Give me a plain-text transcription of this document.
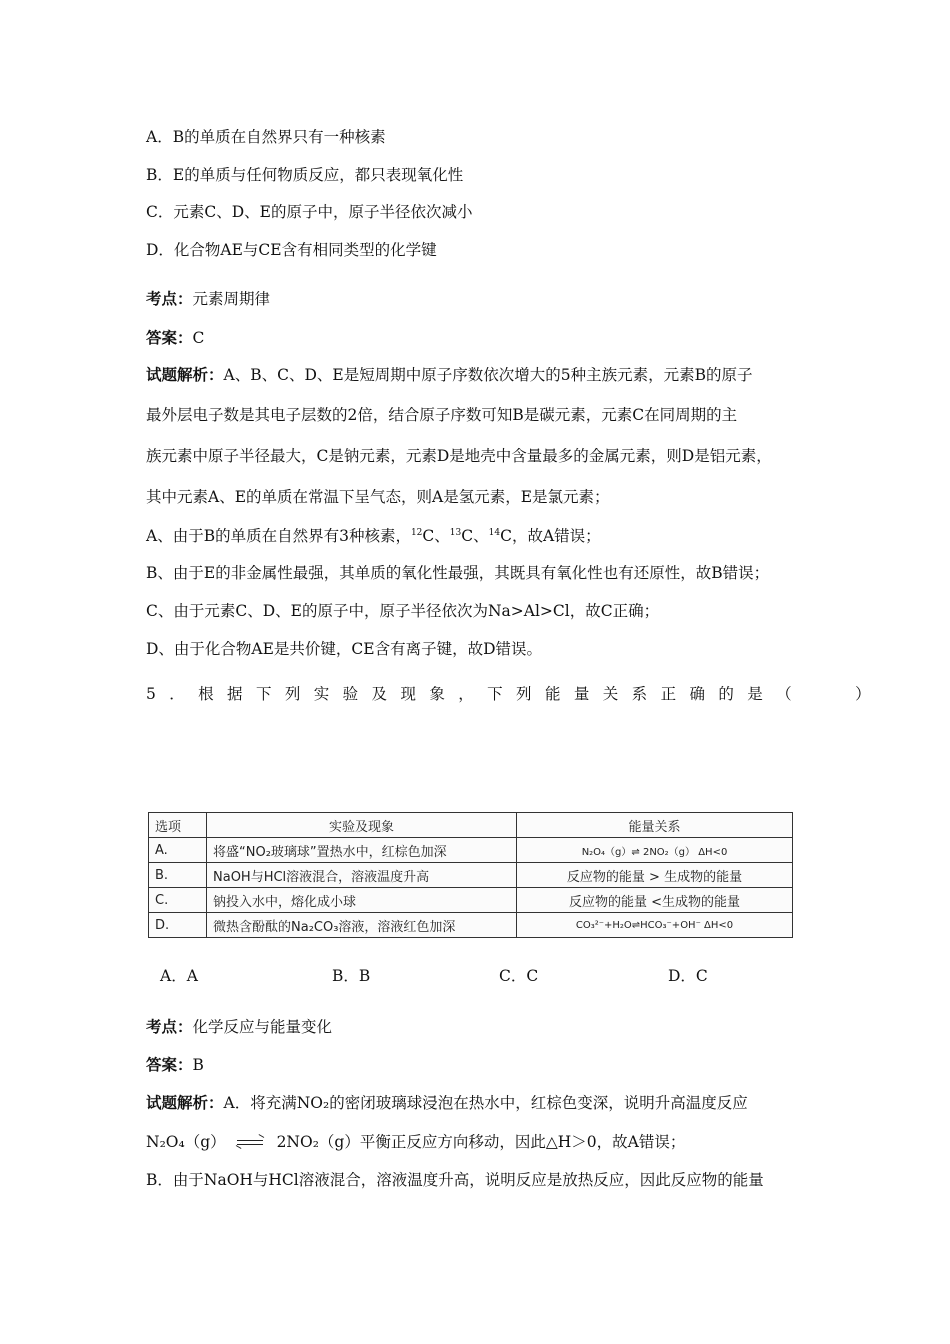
A．B的单质在自然界只有一种核素
B．E的单质与任何物质反应，都只表现氧化性
C．元素C、D、E的原子中，原子半径依次减小
D．化合物AE与CE含有相同类型的化学键
考点：元素周期律
答案：C
试题解析：A、B、C、D、E是短周期中原子序数依次增大的5种主族元素，元素B的原子
最外层电子数是其电子层数的2倍，结合原子序数可知B是碳元素，元素C在同周期的主
族元素中原子半径最大，C是钠元素，元素D是地壳中含量最多的金属元素，则D是铝元素，
其中元素A、E的单质在常温下呈气态，则A是氢元素，E是氯元素；
A、由于B的单质在自然界有3种核素，$^{12}$C、$^{13}$C、$^{14}$C，故A错误；
B、由于E的非金属性最强，其单质的氧化性最强，其既具有氧化性也有还原性，故B错误；
C、由于元素C、D、E的原子中，原子半径依次为Na>Al>Cl，故C正确；
D、由于化合物AE是共价键，CE含有离子键，故D错误。
5．根据下列实验及现象，下列能量关系正确的是（	）
选项	实验及现象	能量关系
A.	将盛“NO₂玻璃球”置热水中，红棕色加深	N₂O₄（g）⇌ 2NO₂（g） ΔH<0
B.	NaOH与HCl溶液混合，溶液温度升高	反应物的能量 > 生成物的能量
C.	钠投入水中，熔化成小球	反应物的能量 <生成物的能量
D.	微热含酚酞的Na₂CO₃溶液，溶液红色加深	CO₃²⁻+H₂O⇌HCO₃⁻+OH⁻ ΔH<0
A．A	B．B	C．C	D．C
考点：化学反应与能量变化
答案：B
试题解析：A．将充满NO₂的密闭玻璃球浸泡在热水中，红棕色变深，说明升高温度反应
N₂O₄（g）	2NO₂（g）平衡正反应方向移动，因此△H＞0，故A错误；
B．由于NaOH与HCl溶液混合，溶液温度升高，说明反应是放热反应，因此反应物的能量
